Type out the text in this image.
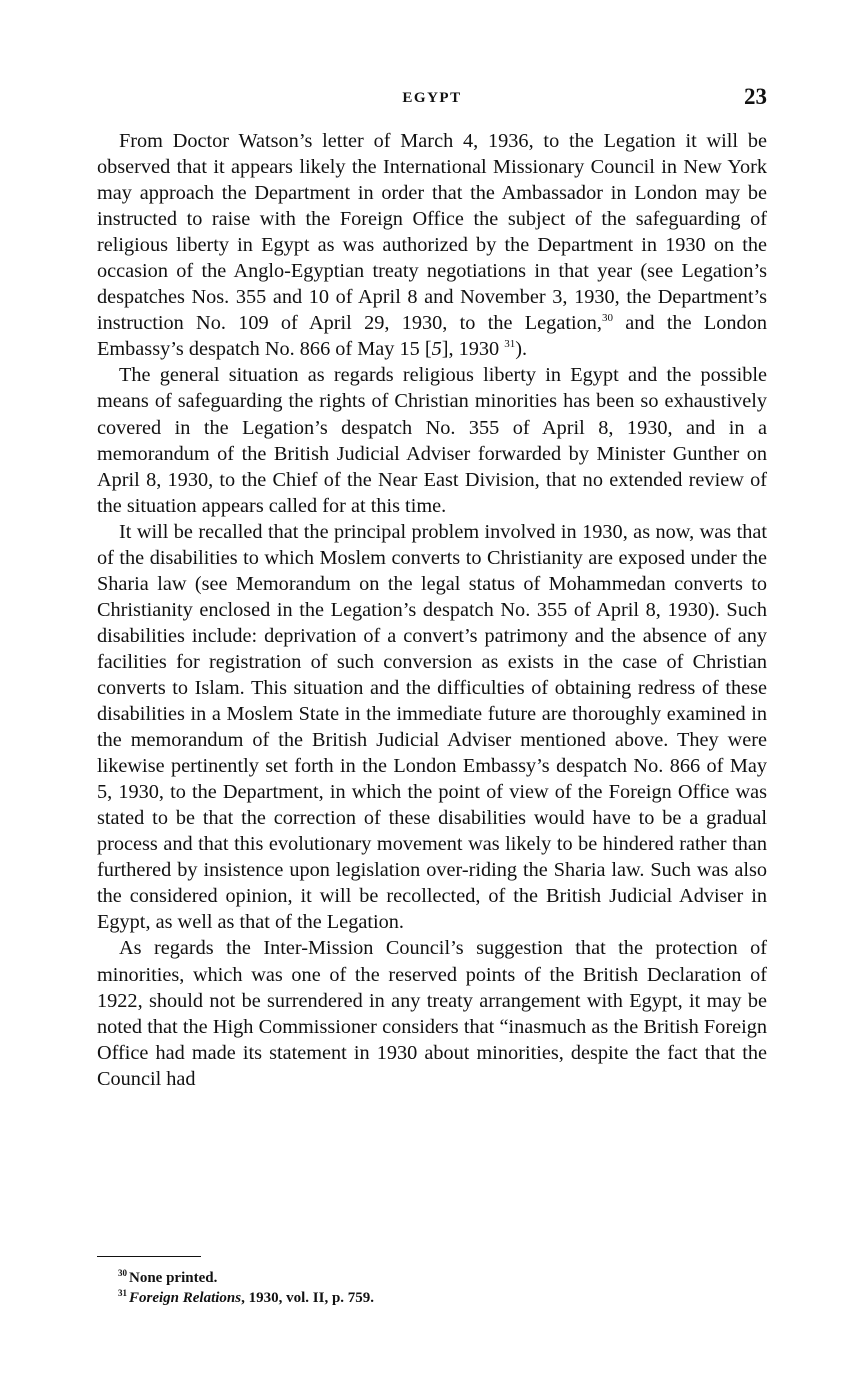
EGYPT	23

From Doctor Watson’s letter of March 4, 1936, to the Legation it will be observed that it appears likely the International Missionary Council in New York may approach the Department in order that the Ambassador in London may be instructed to raise with the Foreign Office the subject of the safeguarding of religious liberty in Egypt as was authorized by the Department in 1930 on the occasion of the Anglo-Egyptian treaty negotiations in that year (see Legation’s despatches Nos. 355 and 10 of April 8 and November 3, 1930, the Department’s instruction No. 109 of April 29, 1930, to the Legation,$^{30}$ and the London Embassy’s despatch No. 866 of May 15 [5], 1930 $^{31}$).

The general situation as regards religious liberty in Egypt and the possible means of safeguarding the rights of Christian minorities has been so exhaustively covered in the Legation’s despatch No. 355 of April 8, 1930, and in a memorandum of the British Judicial Adviser forwarded by Minister Gunther on April 8, 1930, to the Chief of the Near East Division, that no extended review of the situation appears called for at this time.

It will be recalled that the principal problem involved in 1930, as now, was that of the disabilities to which Moslem converts to Christianity are exposed under the Sharia law (see Memorandum on the legal status of Mohammedan converts to Christianity enclosed in the Legation’s despatch No. 355 of April 8, 1930). Such disabilities include: deprivation of a convert’s patrimony and the absence of any facilities for registration of such conversion as exists in the case of Christian converts to Islam. This situation and the difficulties of obtaining redress of these disabilities in a Moslem State in the immediate future are thoroughly examined in the memorandum of the British Judicial Adviser mentioned above. They were likewise pertinently set forth in the London Embassy’s despatch No. 866 of May 5, 1930, to the Department, in which the point of view of the Foreign Office was stated to be that the correction of these disabilities would have to be a gradual process and that this evolutionary movement was likely to be hindered rather than furthered by insistence upon legislation over-riding the Sharia law. Such was also the considered opinion, it will be recollected, of the British Judicial Adviser in Egypt, as well as that of the Legation.

As regards the Inter-Mission Council’s suggestion that the protection of minorities, which was one of the reserved points of the British Declaration of 1922, should not be surrendered in any treaty arrangement with Egypt, it may be noted that the High Commissioner considers that “inasmuch as the British Foreign Office had made its statement in 1930 about minorities, despite the fact that the Council had

$^{30}$ None printed.
$^{31}$ Foreign Relations, 1930, vol. II, p. 759.
